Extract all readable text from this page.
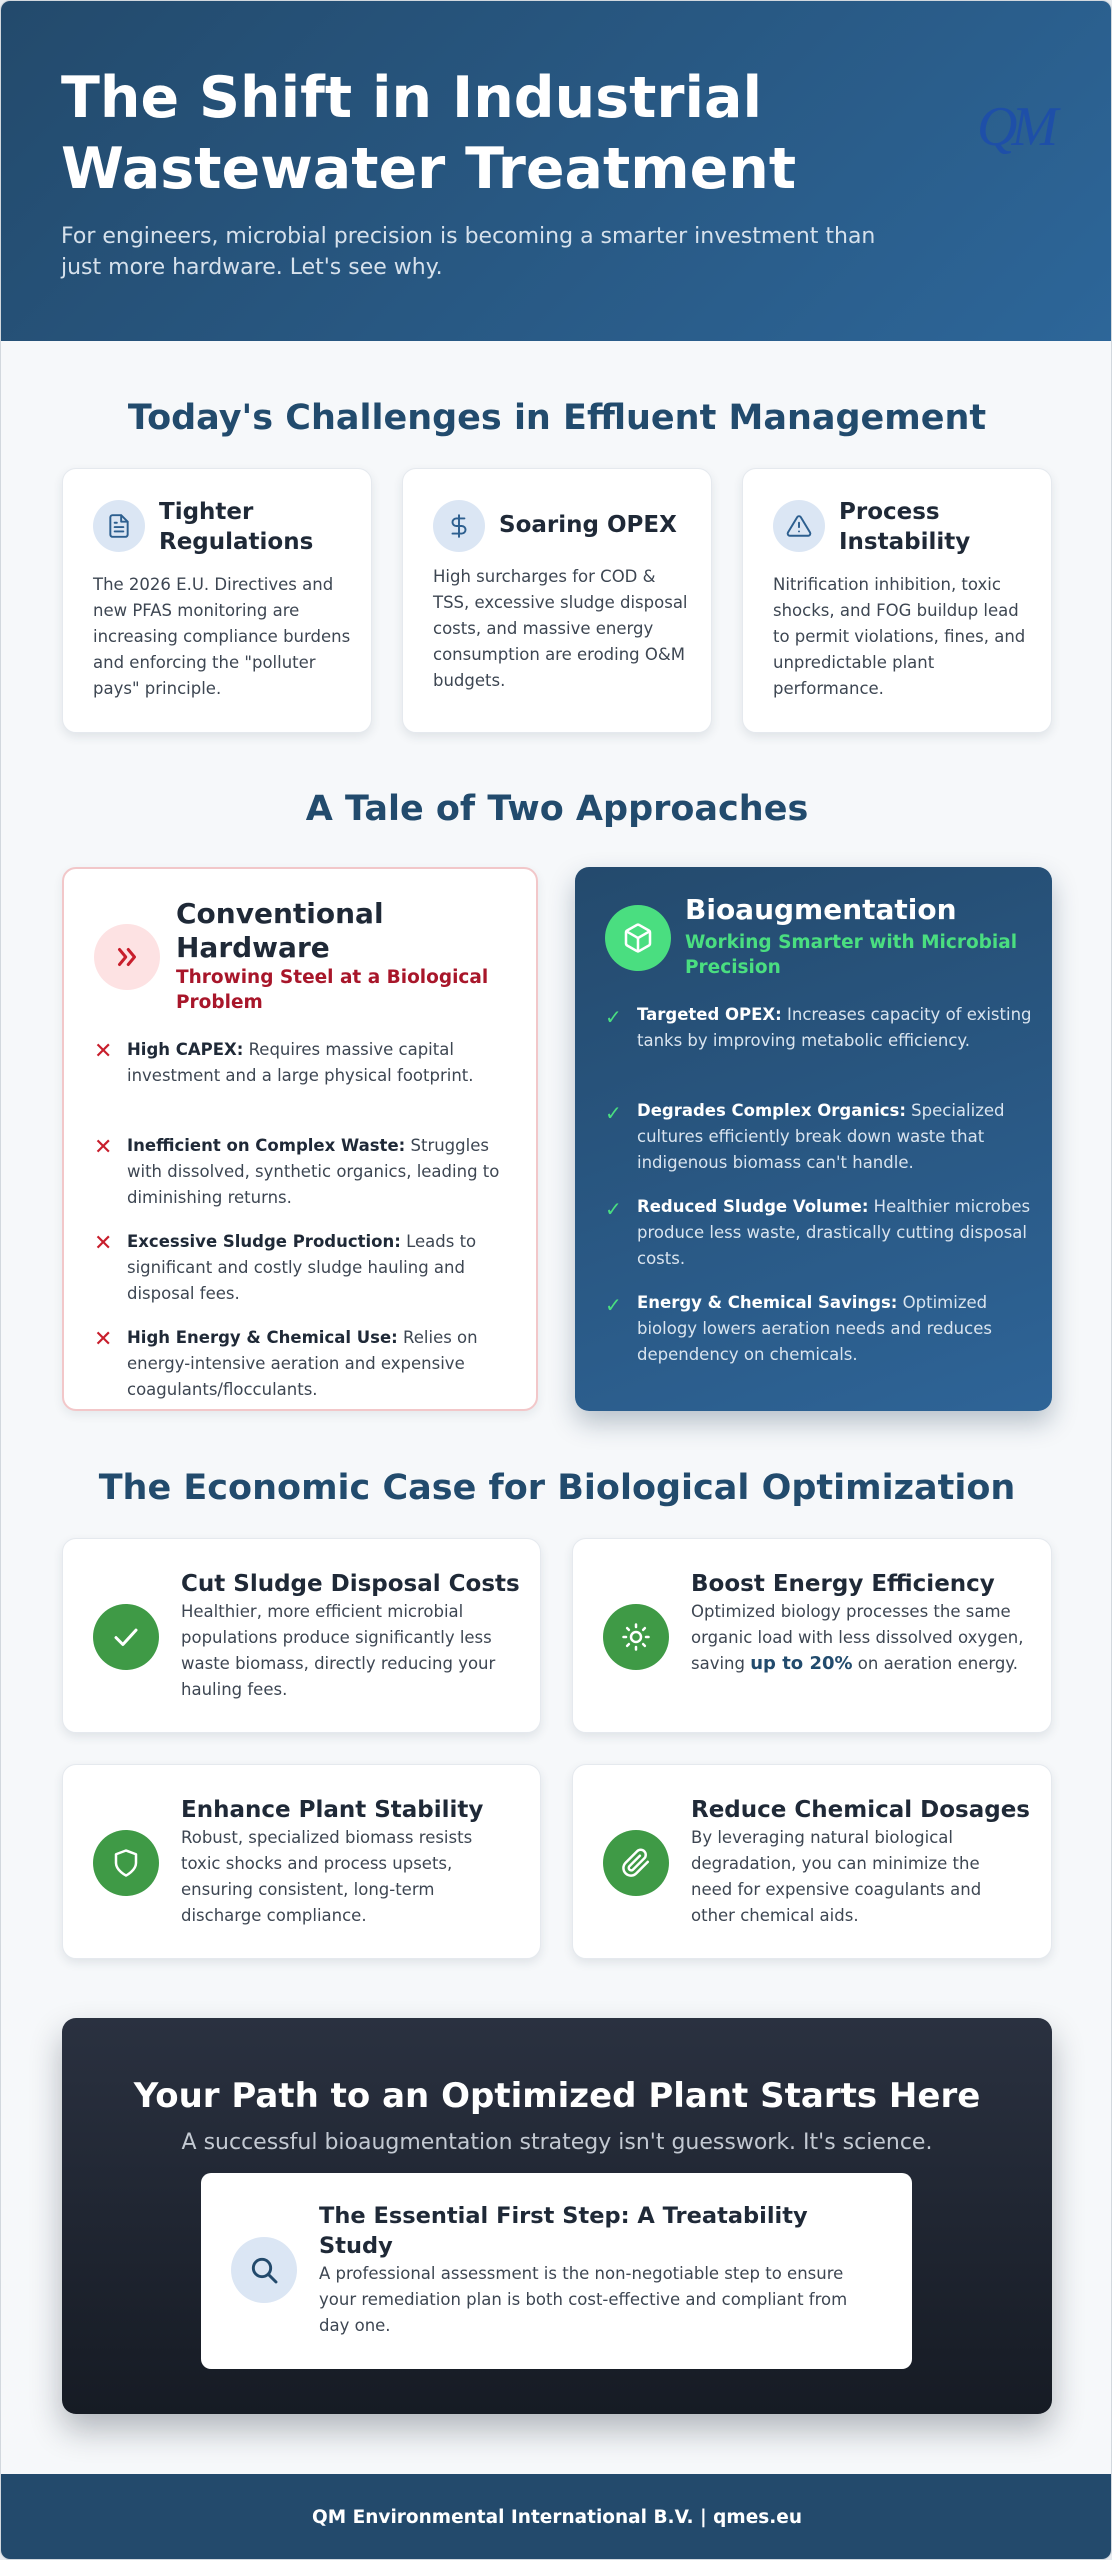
The Shift in Industrial Wastewater Treatment
For engineers, microbial precision is becoming a smarter investment than just more hardware. Let's see why.
QM
Today's Challenges in Effluent Management
Tighter Regulations
The 2026 E.U. Directives and new PFAS monitoring are increasing compliance burdens and enforcing the "polluter pays" principle.
Soaring OPEX
High surcharges for COD & TSS, excessive sludge disposal costs, and massive energy consumption are eroding O&M budgets.
Process Instability
Nitrification inhibition, toxic shocks, and FOG buildup lead to permit violations, fines, and unpredictable plant performance.
A Tale of Two Approaches
Conventional Hardware
Throwing Steel at a Biological Problem
✕ High CAPEX: Requires massive capital investment and a large physical footprint.
✕ Inefficient on Complex Waste: Struggles with dissolved, synthetic organics, leading to diminishing returns.
✕ Excessive Sludge Production: Leads to significant and costly sludge hauling and disposal fees.
✕ High Energy & Chemical Use: Relies on energy-intensive aeration and expensive coagulants/flocculants.
Bioaugmentation
Working Smarter with Microbial Precision
✓ Targeted OPEX: Increases capacity of existing tanks by improving metabolic efficiency.
✓ Degrades Complex Organics: Specialized cultures efficiently break down waste that indigenous biomass can't handle.
✓ Reduced Sludge Volume: Healthier microbes produce less waste, drastically cutting disposal costs.
✓ Energy & Chemical Savings: Optimized biology lowers aeration needs and reduces dependency on chemicals.
The Economic Case for Biological Optimization
Cut Sludge Disposal Costs
Healthier, more efficient microbial populations produce significantly less waste biomass, directly reducing your hauling fees.
Boost Energy Efficiency
Optimized biology processes the same organic load with less dissolved oxygen, saving up to 20% on aeration energy.
Enhance Plant Stability
Robust, specialized biomass resists toxic shocks and process upsets, ensuring consistent, long-term discharge compliance.
Reduce Chemical Dosages
By leveraging natural biological degradation, you can minimize the need for expensive coagulants and other chemical aids.
Your Path to an Optimized Plant Starts Here
A successful bioaugmentation strategy isn't guesswork. It's science.
The Essential First Step: A Treatability Study
A professional assessment is the non-negotiable step to ensure your remediation plan is both cost-effective and compliant from day one.
QM Environmental International B.V. | qmes.eu
